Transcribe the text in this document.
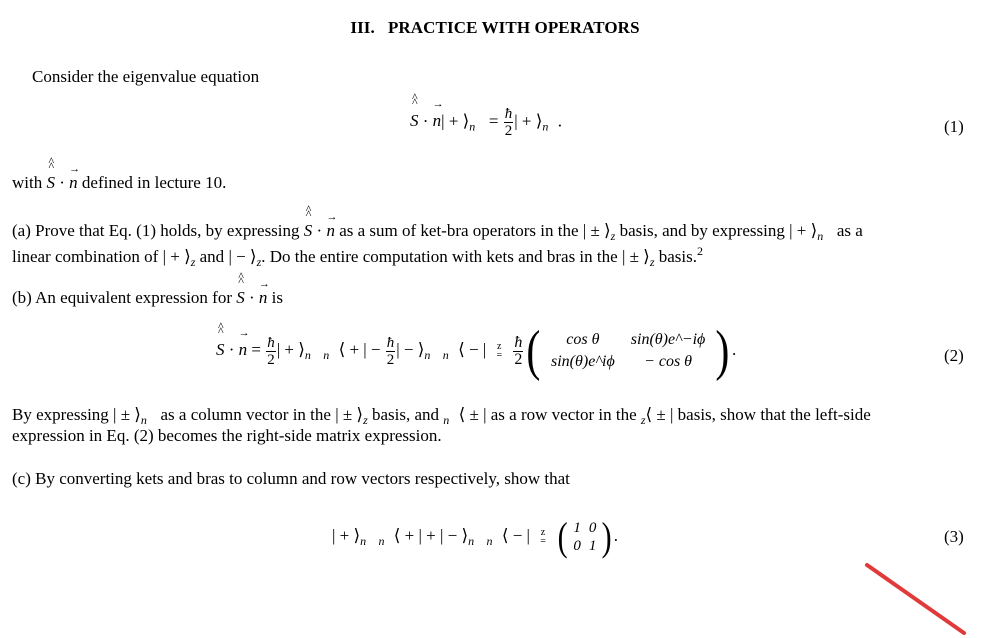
III. PRACTICE WITH OPERATORS
Consider the eigenvalue equation
^ S ^ · → $n| + ⟩_{n⃗} = \frac{ħ}{2}$ | + $⟩_{n⃗}$.	(1)
with ^ S ^ · → n defined in lecture 10.
(a) Prove that Eq. (1) holds, by expressing ^ S ^ · → n as a sum of ket-bra operators in the | ± $⟩_z$ basis, and by expressing | + $⟩_{n⃗}$ as a
linear combination of | + $⟩_z$ and | − $⟩_z$. Do the entire computation with kets and bras in the | ± $⟩_z$ basis.$^2$
(b) An equivalent expression for ^ S ^ · → n is
^ S ^ · → $n = \frac{ħ}{2}$ | + $⟩_{n⃗ n⃗}⟨$ + | − $\frac{ħ}{2}$ | − $⟩_{n⃗ n⃗}⟨$ − | z
= $\frac{ħ}{2}$ ( cos θ	sin(θ)e^−iϕ
sin(θ)e^iϕ	− cos θ ) .	(2)
By expressing | ± $⟩_{n⃗}$ as a column vector in the | ± $⟩_z$ basis, and $_{n⃗}$⟨ ± | as a row vector in the $_z$⟨ ± | basis, show that the left-side
expression in Eq. (2) becomes the right-side matrix expression.
(c) By converting kets and bras to column and row vectors respectively, show that
| + $⟩_{n⃗ n⃗}⟨$ + | + | − $⟩_{n⃗ n⃗}⟨$ − | z
= ( 1	0
0	1 ).	(3)
